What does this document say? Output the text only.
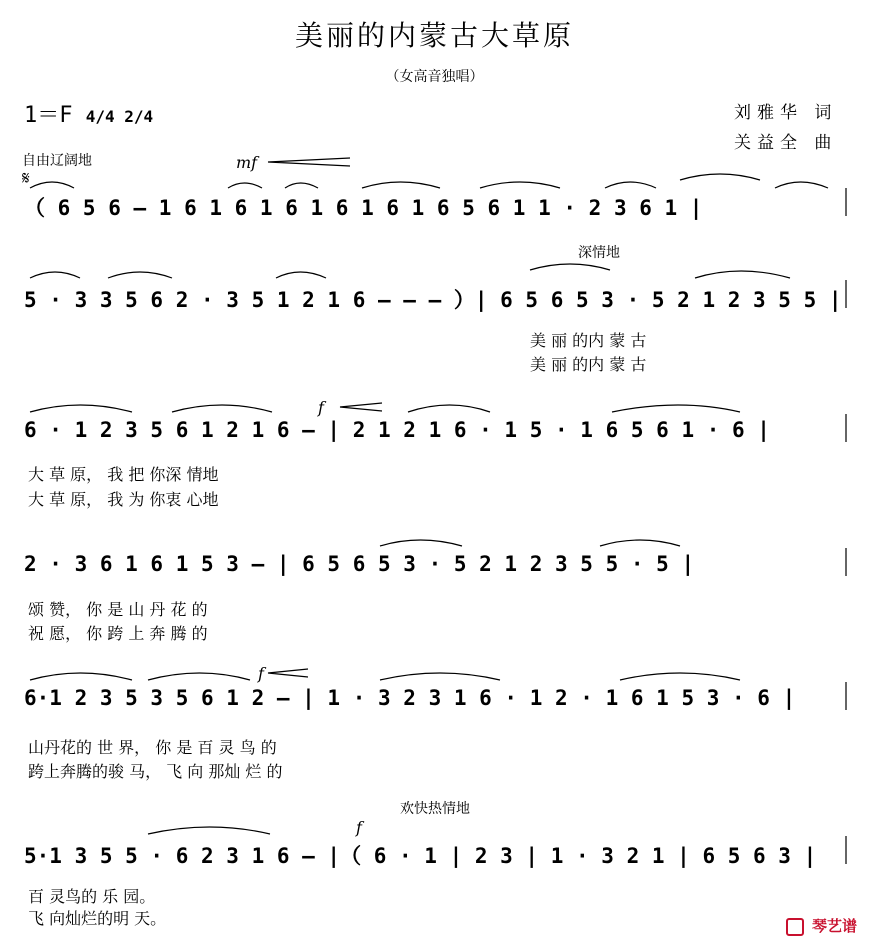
美丽的内蒙古大草原
（女高音独唱）
1＝F 4/4 2/4	刘雅华 词
关益全 曲
自由辽阔地
𝄋
mf
（ 6 5 6 — 1 6 1 6 1 6 1 6 1 6 1 6 5 6 1 1 · 2 3 6 1 |
深情地
5 · 3 3 5 6 2 · 3 5 1 2 1 6 — — — ）| 6 5 6 5 3 · 5 2 1 2 3 5 5 |
美 丽 的内 蒙 古
美 丽 的内 蒙 古
f
6 · 1 2 3 5 6 1 2 1 6 — | 2 1 2 1 6 · 1 5 · 1 6 5 6 1 · 6 |
大 草 原， 我 把 你深 情地
大 草 原， 我 为 你衷 心地
2 · 3 6 1 6 1 5 3 — | 6 5 6 5 3 · 5 2 1 2 3 5 5 · 5 |
颂 赞， 你 是 山 丹 花 的
祝 愿， 你 跨 上 奔 腾 的
f
6·1 2 3 5 3 5 6 1 2 — | 1 · 3 2 3 1 6 · 1 2 · 1 6 1 5 3 · 6 |
山丹花的 世 界， 你 是 百 灵 鸟 的
跨上奔腾的骏 马， 飞 向 那灿 烂 的
欢快热情地
f
5·1 3 5 5 · 6 2 3 1 6 — |（ 6 · 1 | 2 3 | 1 · 3 2 1 | 6 5 6 3 |
百 灵鸟的 乐 园。
飞 向灿烂的明 天。	琴艺谱
